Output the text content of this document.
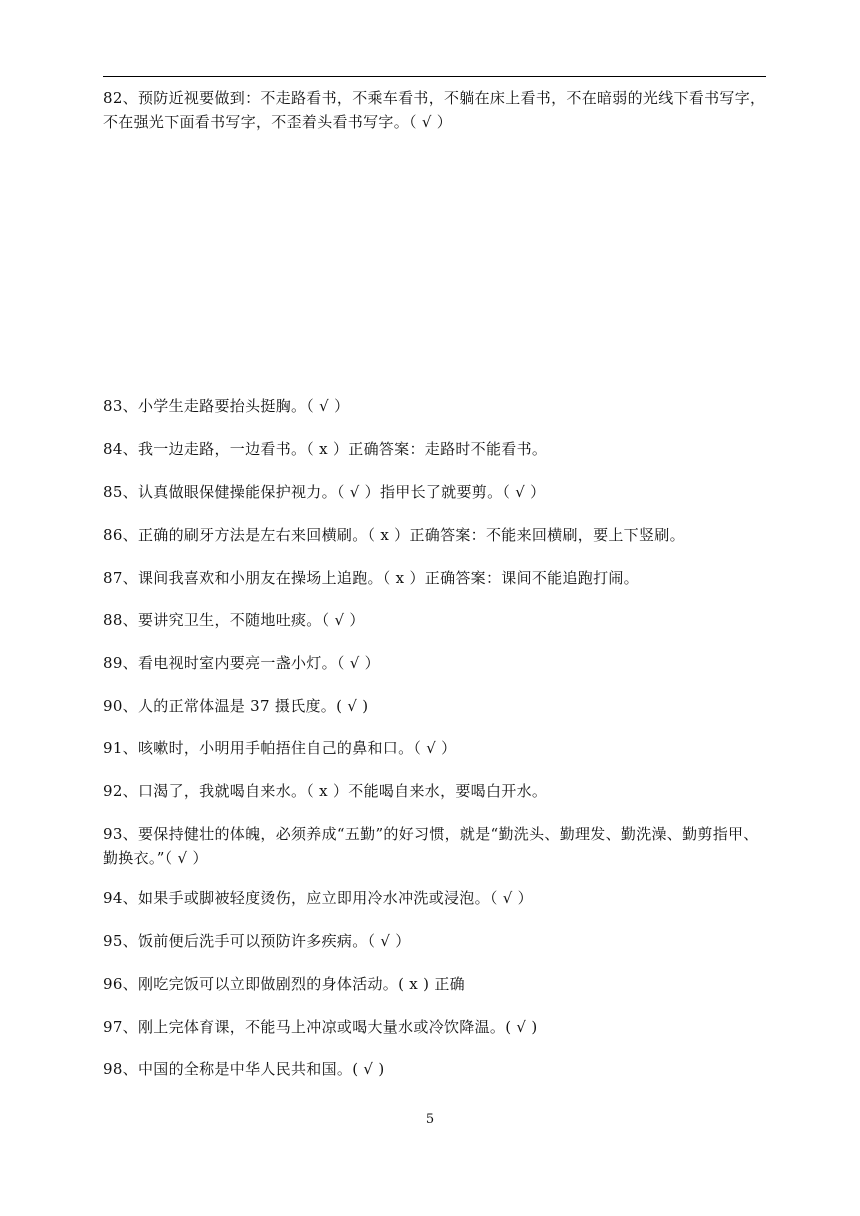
82、预防近视要做到：不走路看书，不乘车看书，不躺在床上看书，不在暗弱的光线下看书写字，不在强光下面看书写字，不歪着头看书写字。（ √ ）
83、小学生走路要抬头挺胸。（ √ ）
84、我一边走路，一边看书。（ x ）正确答案：走路时不能看书。
85、认真做眼保健操能保护视力。（ √ ）指甲长了就要剪。（ √ ）
86、正确的刷牙方法是左右来回横刷。（ x ）正确答案：不能来回横刷，要上下竖刷。
87、课间我喜欢和小朋友在操场上追跑。（ x ）正确答案：课间不能追跑打闹。
88、要讲究卫生，不随地吐痰。（ √ ）
89、看电视时室内要亮一盏小灯。（ √ ）
90、人的正常体温是 37 摄氏度。( √ )
91、咳嗽时，小明用手帕捂住自己的鼻和口。（ √ ）
92、口渴了，我就喝自来水。（ x ）不能喝自来水，要喝白开水。
93、要保持健壮的体魄，必须养成“五勤”的好习惯，就是“勤洗头、勤理发、勤洗澡、勤剪指甲、勤换衣。”（ √ ）
94、如果手或脚被轻度烫伤，应立即用冷水冲洗或浸泡。（ √ ）
95、饭前便后洗手可以预防许多疾病。（ √ ）
96、刚吃完饭可以立即做剧烈的身体活动。( x ) 正确
97、刚上完体育课，不能马上冲凉或喝大量水或冷饮降温。( √ )
98、中国的全称是中华人民共和国。( √ )
5
